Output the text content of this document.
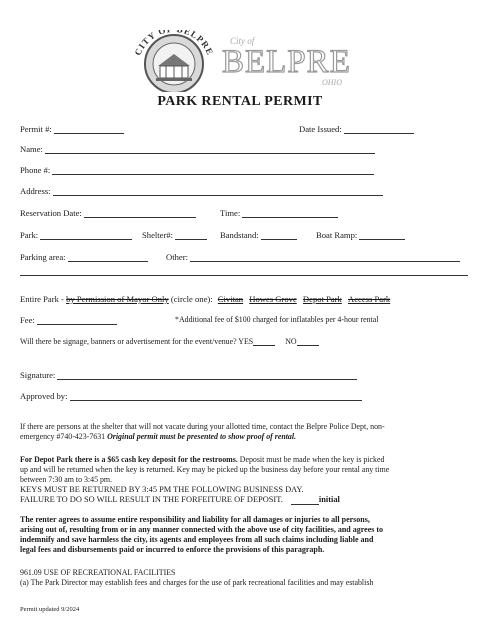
CITY O ELPRE
City of
BELPRE
OHIO
PARK RENTAL PERMIT
Permit #:	Date Issued:
Name:
Phone #:
Address:
Reservation Date:	Time:
Park:	Shelter#:	Bandstand:	Boat Ramp:
Parking area:	Other:
Entire Park - by Permission of Mayor Only (circle one): Civitan Howes Grove Depot Park Access Park
Fee:	*Additional fee of $100 charged for inflatables per 4-hour rental
Will there be signage, banners or advertisement for the event/venue? YES	NO
Signature:
Approved by:
If there are persons at the shelter that will not vacate during your allotted time, contact the Belpre Police Dept, non-
emergency #740-423-7631 Original permit must be presented to show proof of rental.
For Depot Park there is a $65 cash key deposit for the restrooms. Deposit must be made when the key is picked
up and will be returned when the key is returned. Key may be picked up the business day before your rental any time
between 7:30 am to 3:45 pm.
KEYS MUST BE RETURNED BY 3:45 PM THE FOLLOWING BUSINESS DAY.
FAILURE TO DO SO WILL RESULT IN THE FORFEITURE OF DEPOSIT.	initial
The renter agrees to assume entire responsibility and liability for all damages or injuries to all persons,
arising out of, resulting from or in any manner connected with the above use of city facilities, and agrees to
indemnify and save harmless the city, its agents and employees from all such claims including liable and
legal fees and disbursements paid or incurred to enforce the provisions of this paragraph.
961.09 USE OF RECREATIONAL FACILITIES
(a) The Park Director may establish fees and charges for the use of park recreational facilities and may establish
Permit updated 9/2024
